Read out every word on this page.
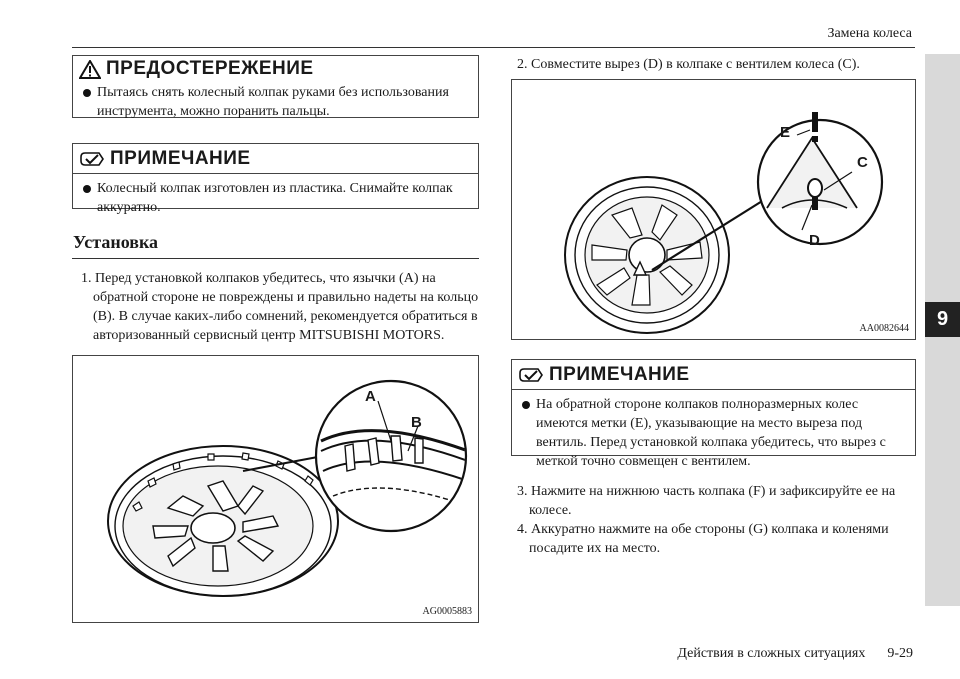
Замена колеса
9
ПРЕДОСТЕРЕЖЕНИЕ
Пытаясь снять колесный колпак руками без использования инструмента, можно поранить пальцы.
ПРИМЕЧАНИЕ
Колесный колпак изготовлен из пластика. Снимайте колпак аккуратно.
Установка
1. Перед установкой колпаков убедитесь, что язычки (A) на обратной стороне не повреждены и правильно надеты на кольцо (B). В случае каких-либо сомнений, рекомендуется обратиться в авторизованный сервисный центр MITSUBISHI MOTORS.
A
B
AG0005883
2. Совместите вырез (D) в колпаке с вентилем колеса (C).
E
C
D
AA0082644
ПРИМЕЧАНИЕ
На обратной стороне колпаков полноразмерных колес имеются метки (E), указывающие на место выреза под вентиль. Перед установкой колпака убедитесь, что вырез с меткой точно совмещен с вентилем.
3. Нажмите на нижнюю часть колпака (F) и зафиксируйте ее на колесе.
4. Аккуратно нажмите на обе стороны (G) колпака и коленями посадите их на место.
Действия в сложных ситуациях 9-29
